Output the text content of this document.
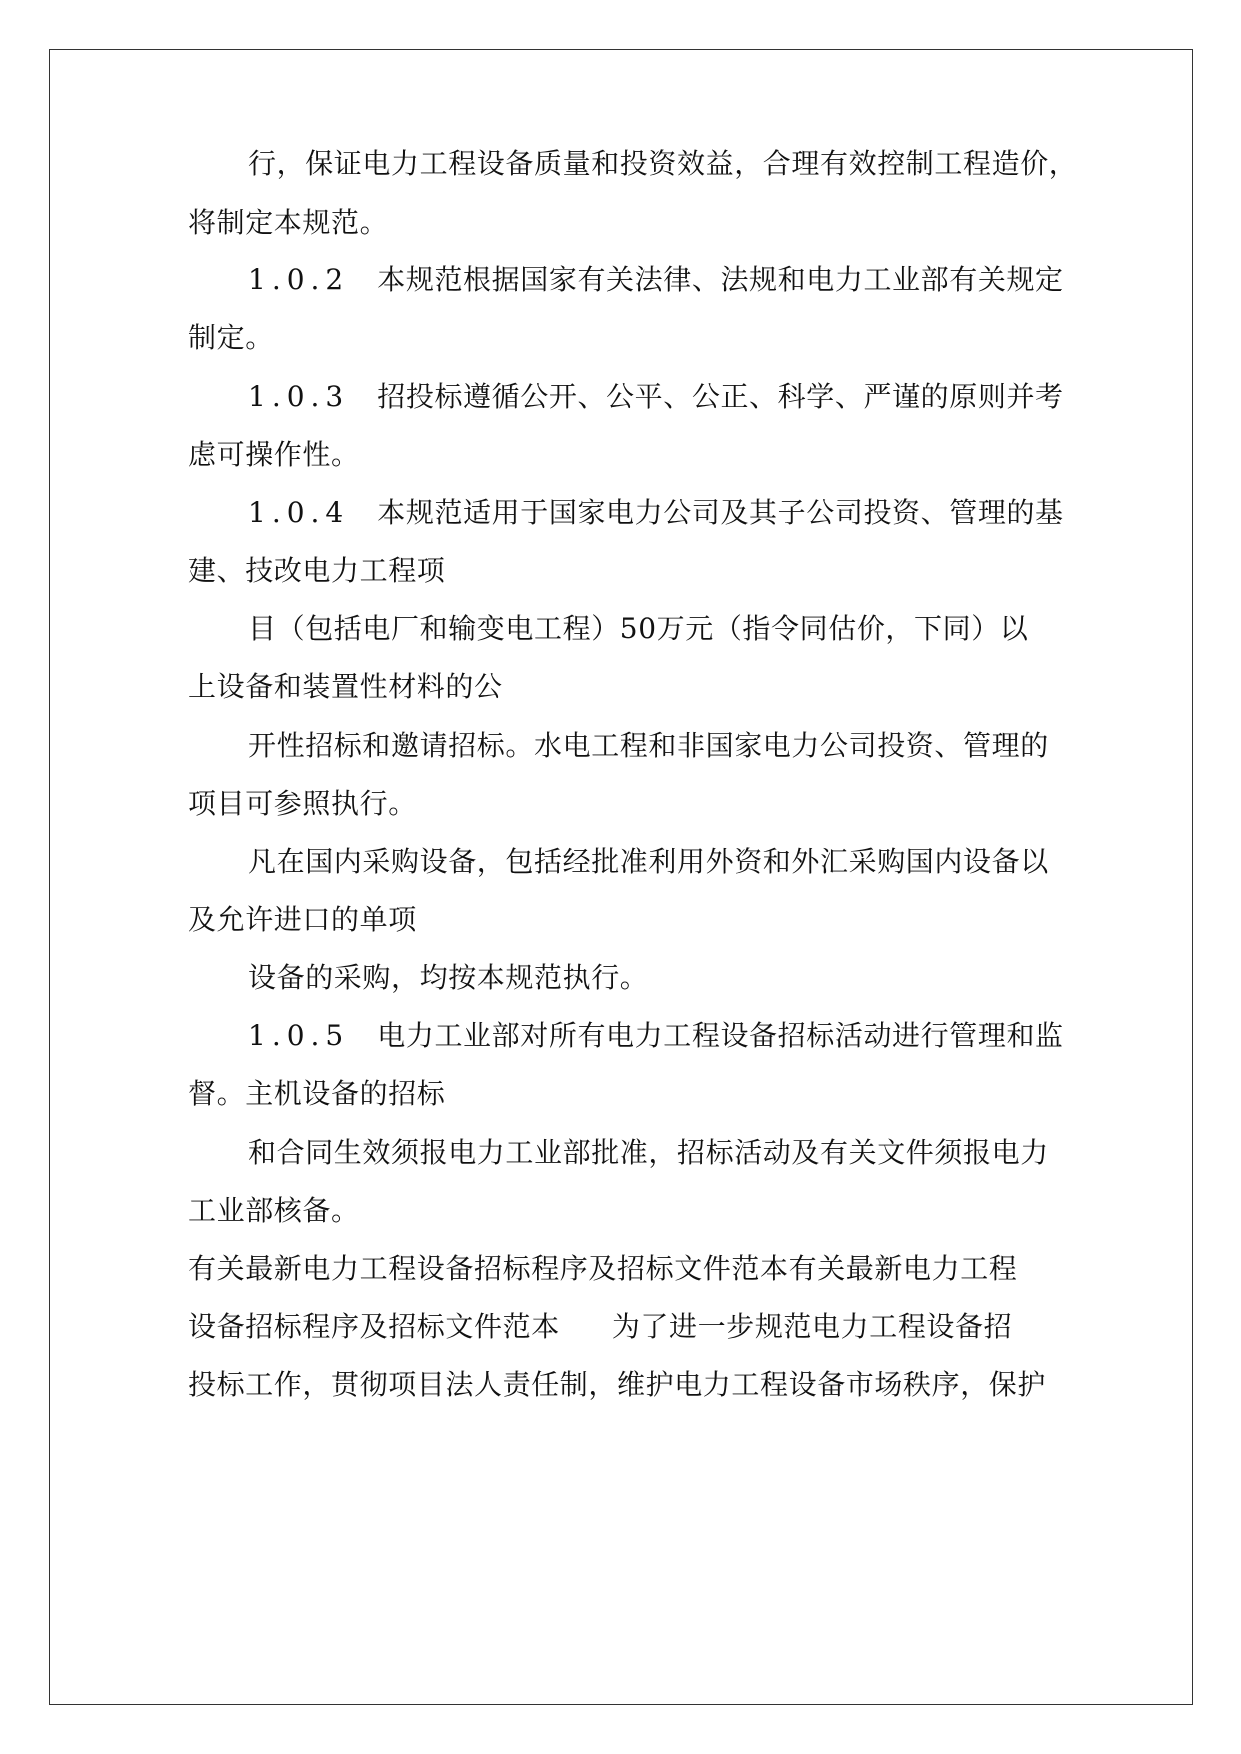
行，保证电力工程设备质量和投资效益，合理有效控制工程造价，
将制定本规范。
1.0.2 本规范根据国家有关法律、法规和电力工业部有关规定
制定。
1.0.3 招投标遵循公开、公平、公正、科学、严谨的原则并考
虑可操作性。
1.0.4 本规范适用于国家电力公司及其子公司投资、管理的基
建、技改电力工程项
目（包括电厂和输变电工程）50万元（指令同估价，下同）以
上设备和装置性材料的公
开性招标和邀请招标。水电工程和非国家电力公司投资、管理的
项目可参照执行。
凡在国内采购设备，包括经批准利用外资和外汇采购国内设备以
及允许进口的单项
设备的采购，均按本规范执行。
1.0.5 电力工业部对所有电力工程设备招标活动进行管理和监
督。主机设备的招标
和合同生效须报电力工业部批准，招标活动及有关文件须报电力
工业部核备。
有关最新电力工程设备招标程序及招标文件范本有关最新电力工程
设备招标程序及招标文件范本 为了进一步规范电力工程设备招
投标工作，贯彻项目法人责任制，维护电力工程设备市场秩序，保护
